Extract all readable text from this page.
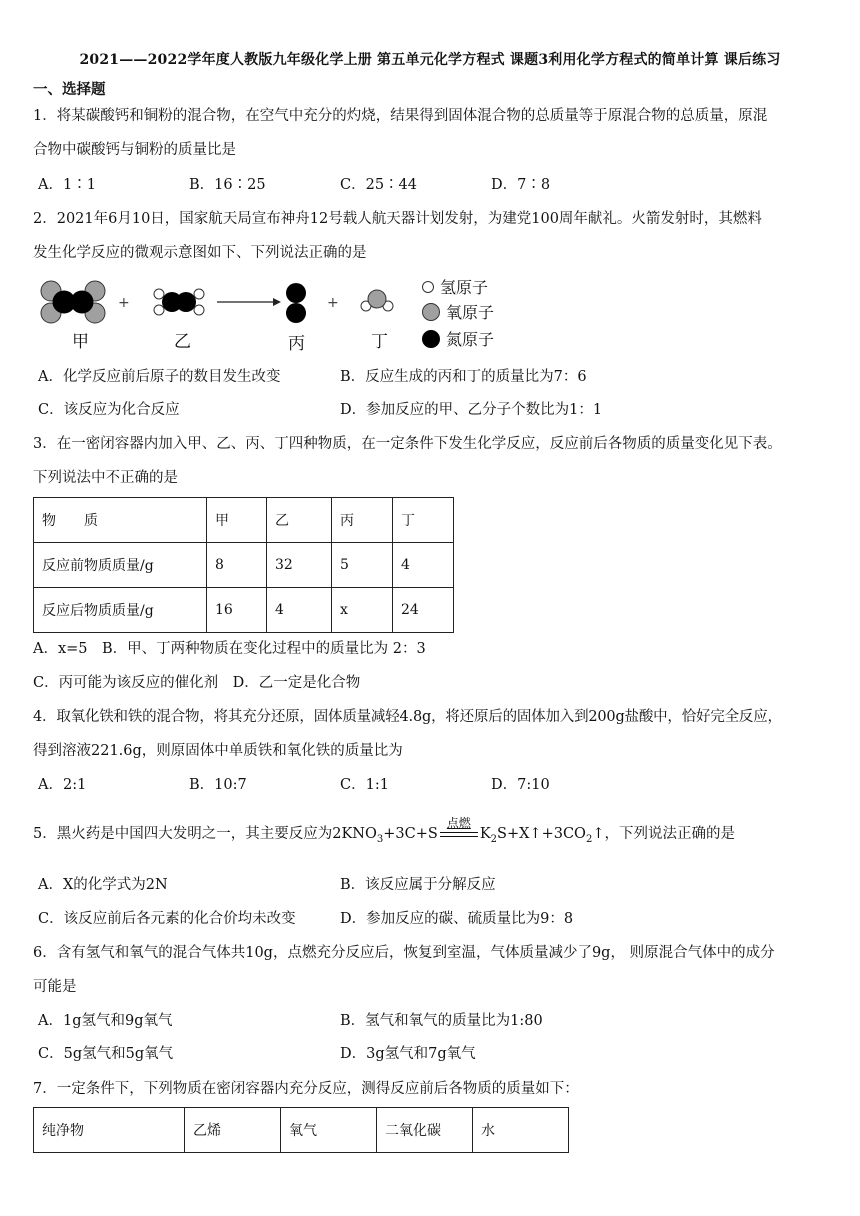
2021——2022学年度人教版九年级化学上册 第五单元化学方程式 课题3利用化学方程式的简单计算 课后练习
一、选择题
1．将某碳酸钙和铜粉的混合物，在空气中充分的灼烧，结果得到固体混合物的总质量等于原混合物的总质量，原混
合物中碳酸钙与铜粉的质量比是
A．1∶1	B．16∶25	C．25∶44	D．7∶8
2．2021年6月10日，国家航天局宣布神舟12号载人航天器计划发射，为建党100周年献礼。火箭发射时，其燃料
发生化学反应的微观示意图如下、下列说法正确的是
+	+
甲	乙	丙	丁
氢原子
氧原子
氮原子
A．化学反应前后原子的数目发生改变	B．反应生成的丙和丁的质量比为7：6
C．该反应为化合反应	D．参加反应的甲、乙分子个数比为1：1
3．在一密闭容器内加入甲、乙、丙、丁四种物质，在一定条件下发生化学反应，反应前后各物质的质量变化见下表。
下列说法中不正确的是
物　　质	甲	乙	丙	丁
反应前物质质量/g	8	32	5	4
反应后物质质量/g	16	4	x	24
A．x=5　B．甲、丁两种物质在变化过程中的质量比为 2：3
C．丙可能为该反应的催化剂　D．乙一定是化合物
4．取氧化铁和铁的混合物，将其充分还原，固体质量减轻4.8g，将还原后的固体加入到200g盐酸中，恰好完全反应，
得到溶液221.6g，则原固体中单质铁和氧化铁的质量比为
A．2:1	B．10:7	C．1:1	D．7:10
5．黑火药是中国四大发明之一，其主要反应为$2KNO_3+3C+S$
点燃
$K_2S+X↑+3CO_2↑$，下列说法正确的是
A．X的化学式为2N	B．该反应属于分解反应
C．该反应前后各元素的化合价均未改变	D．参加反应的碳、硫质量比为9：8
6．含有氢气和氧气的混合气体共10g，点燃充分反应后，恢复到室温，气体质量减少了9g， 则原混合气体中的成分
可能是
A．1g氢气和9g氧气	B．氢气和氧气的质量比为1:80
C．5g氢气和5g氧气	D．3g氢气和7g氧气
7．一定条件下，下列物质在密闭容器内充分反应，测得反应前后各物质的质量如下：
纯净物	乙烯	氧气	二氧化碳	水
